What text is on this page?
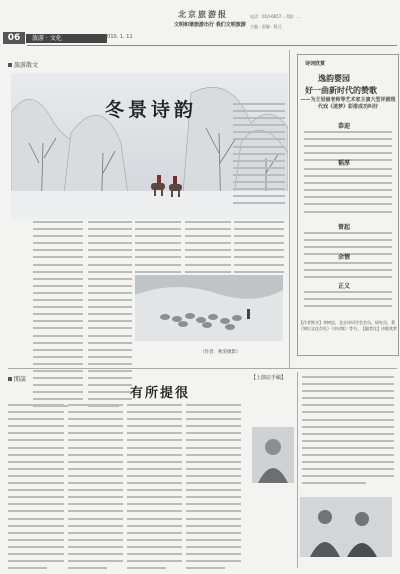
06	旅游 · 文化	2010. 1. 11
北京旅游报
文明和谐旅游出行 我们文明旅游
电话：010-6657… QQ：…
主编 · 责编 · 版式
旅游散文
冬景诗韵
（作者：秋荣摄影）
诗词欣赏
逸韵婴园
好一曲新时代的赞歌
——为王冠丽老师等艺术家主演大型评剧现代戏《逍梦》彩排成功叫好
恭迎
韬厚
曾起
余情
正义
【作者简介】李树忠，北京诗词学会会员、研究员，著《知识文化存札》（诗词集）等书。【编者注】诗歌欣赏
閒談
有所提很
【上演辰手稿】
